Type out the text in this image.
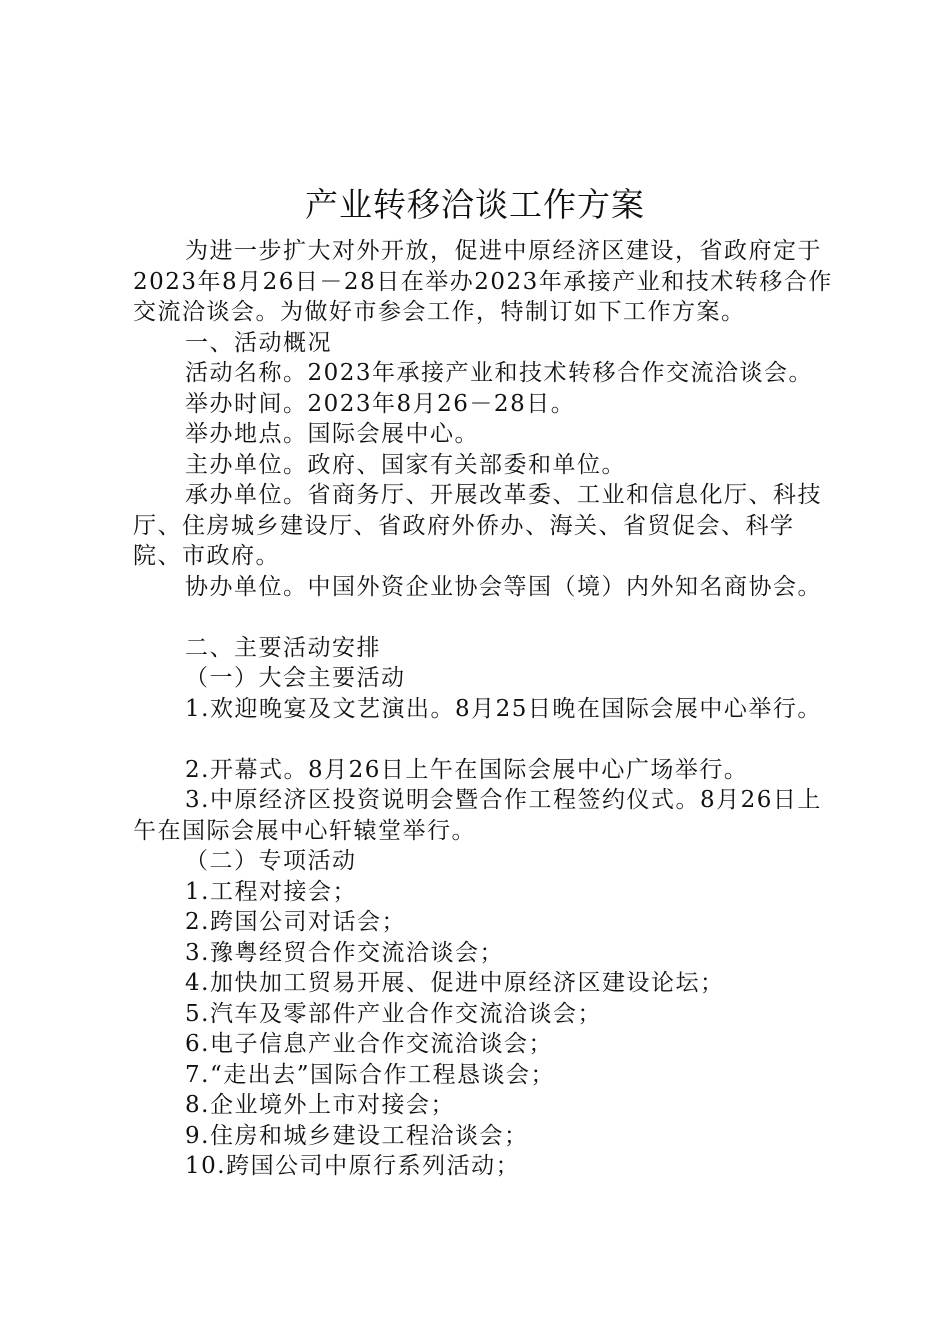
产业转移洽谈工作方案

为进一步扩大对外开放，促进中原经济区建设，省政府定于2023年8月26日－28日在举办2023年承接产业和技术转移合作交流洽谈会。为做好市参会工作，特制订如下工作方案。

一、活动概况

活动名称。2023年承接产业和技术转移合作交流洽谈会。

举办时间。2023年8月26－28日。

举办地点。国际会展中心。

主办单位。政府、国家有关部委和单位。

承办单位。省商务厅、开展改革委、工业和信息化厅、科技厅、住房城乡建设厅、省政府外侨办、海关、省贸促会、科学院、市政府。

协办单位。中国外资企业协会等国（境）内外知名商协会。

二、主要活动安排

（一）大会主要活动

1.欢迎晚宴及文艺演出。8月25日晚在国际会展中心举行。

2.开幕式。8月26日上午在国际会展中心广场举行。

3.中原经济区投资说明会暨合作工程签约仪式。8月26日上午在国际会展中心轩辕堂举行。

（二）专项活动

1.工程对接会；

2.跨国公司对话会；

3.豫粤经贸合作交流洽谈会；

4.加快加工贸易开展、促进中原经济区建设论坛；

5.汽车及零部件产业合作交流洽谈会；

6.电子信息产业合作交流洽谈会；

7.“走出去”国际合作工程恳谈会；

8.企业境外上市对接会；

9.住房和城乡建设工程洽谈会；

10.跨国公司中原行系列活动；
